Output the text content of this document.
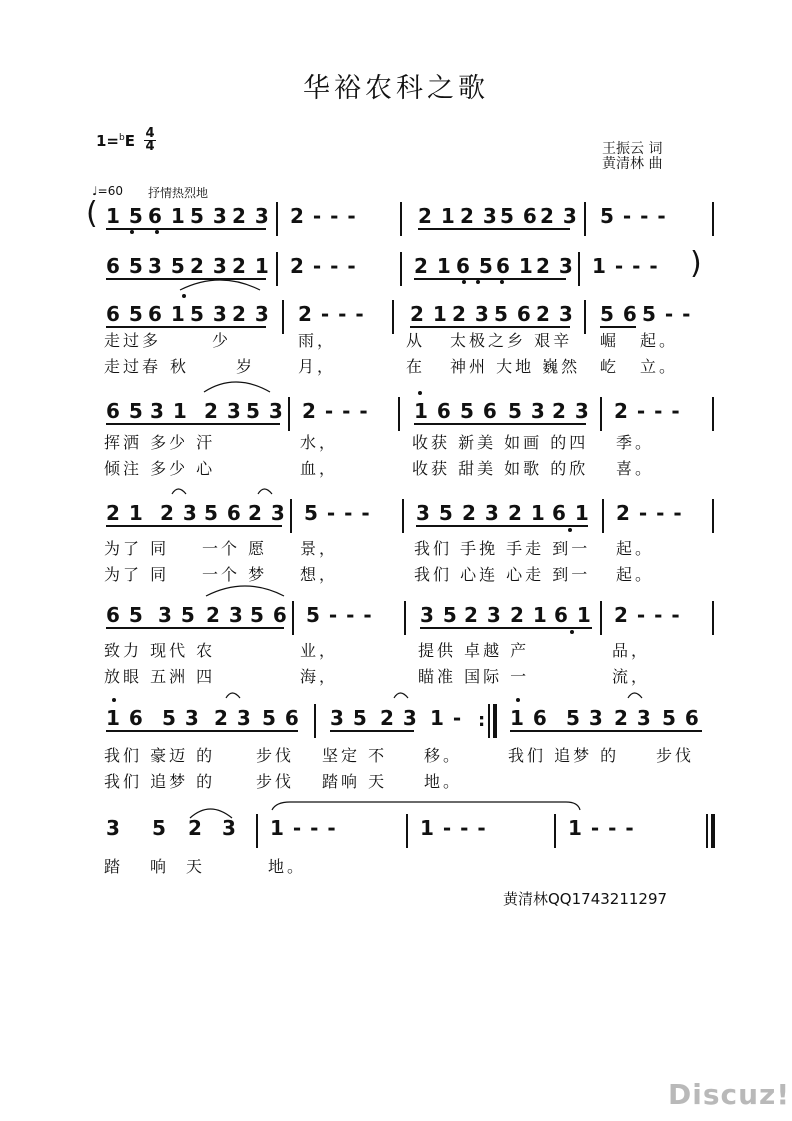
华裕农科之歌
1=$^b$E 4
4	王振云 词
黄清林 曲
♩=60 抒情热烈地
( 1 5 6 1 5 3 2 3 2 - - -	2 1 2 3 5 6 2 3 5 - - -
6 5 3 5 2 3 2 1 2 - - -	2 1 6 5 6 1 2 3 1 - - - )
6 5 6 1 5 3 2 3 2 - - - 2 1 2 3 5 6 2 3 5 6 5 - -
走过多	少	雨，	从 太极之乡 艰辛 崛 起。
走过春 秋	岁	月，	在 神州 大地 巍然 屹 立。
6 5 3 1 2 3 5 3 2 - - - 1 6 5 6 5 3 2 3 2 - - -
挥洒 多少 汗	水，	收获 新美 如画 的四 季。
倾注 多少 心	血，	收获 甜美 如歌 的欣 喜。
2 1 2 3 5 6 2 3 5 - - - 3 5 2 3 2 1 6 1 2 - - -
为了 同 一个 愿 景，	我们 手挽 手走 到一 起。
为了 同 一个 梦 想，	我们 心连 心走 到一 起。
6 5 3 5 2 3 5 6 5 - - - 3 5 2 3 2 1 6 1 2 - - -
致力 现代 农	业，	提供 卓越 产	品，
放眼 五洲 四	海，	瞄准 国际 一	流，
1 6 5 3 2 3 5 6 3 5 2 3 1 - : 1 6 5 3 2 3 5 6
我们 豪迈 的	步伐 坚定 不 移。	我们 追梦 的 步伐
我们 追梦 的	步伐 踏响 天 地。
3 5 2 3 1 - - -	1 - - -	1 - - -
踏 响 天	地。
黄清林QQ1743211297
Discuz!
